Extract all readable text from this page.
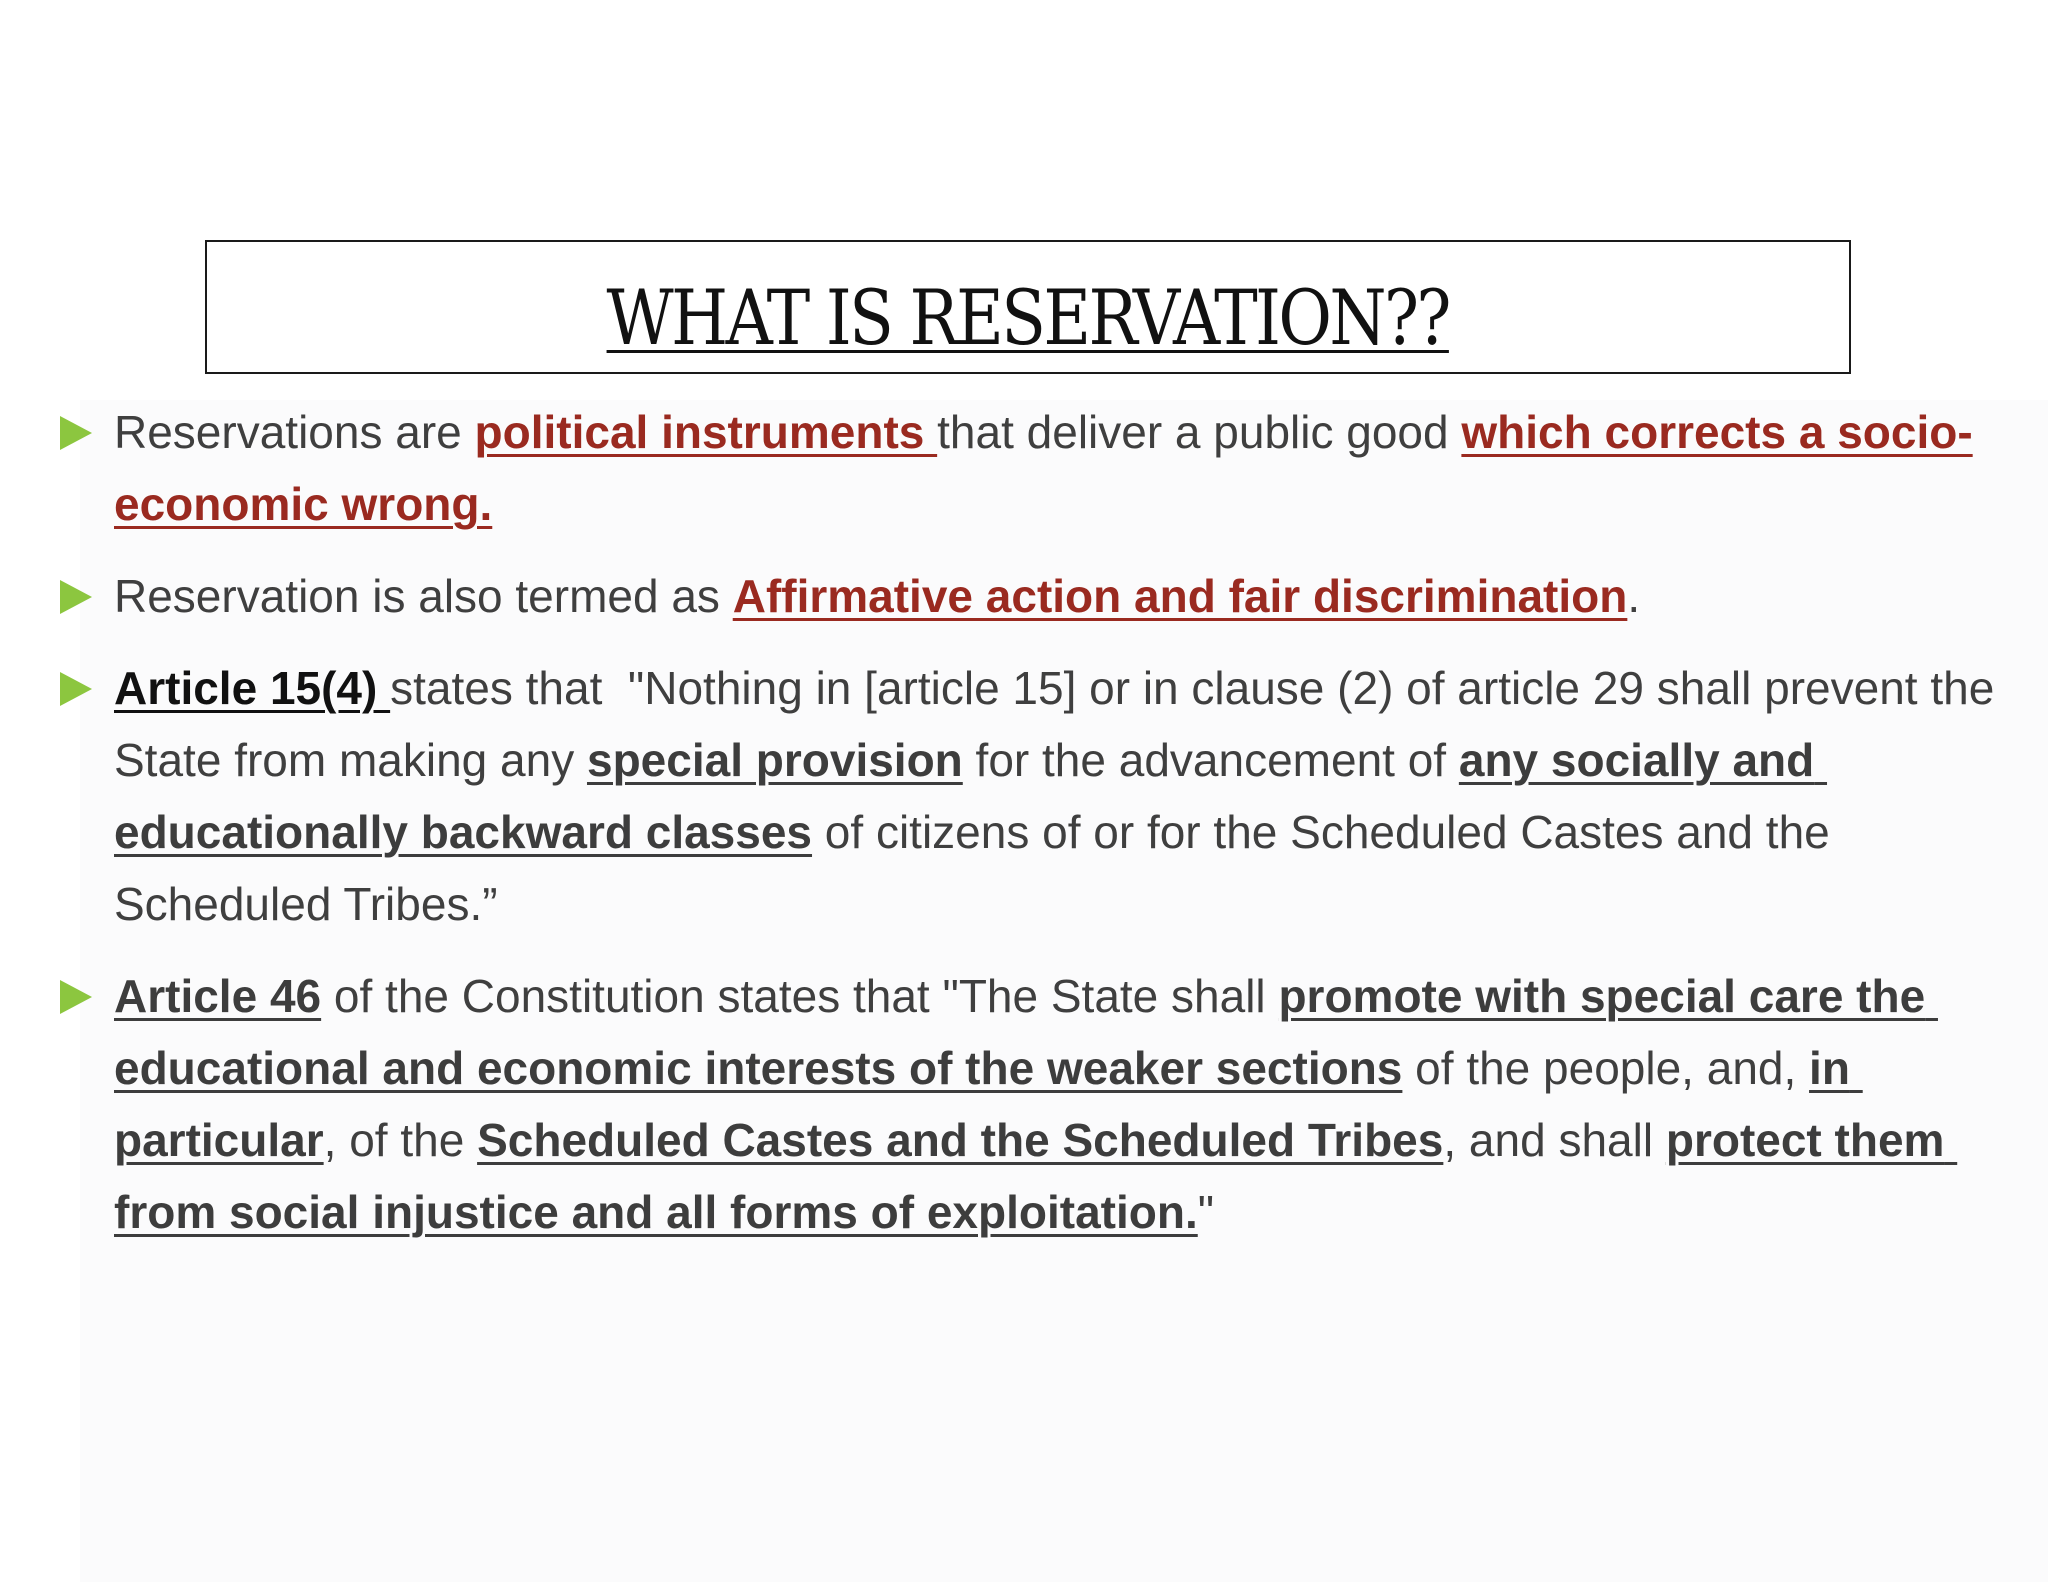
WHAT IS RESERVATION??
Reservations are political instruments that deliver a public good which corrects a socio-economic wrong.
Reservation is also termed as Affirmative action and fair discrimination.
Article 15(4) states that  "Nothing in [article 15] or in clause (2) of article 29 shall prevent the State from making any special provision for the advancement of any socially and educationally backward classes of citizens of or for the Scheduled Castes and the Scheduled Tribes.”
Article 46 of the Constitution states that "The State shall promote with special care the educational and economic interests of the weaker sections of the people, and, in particular, of the Scheduled Castes and the Scheduled Tribes, and shall protect them from social injustice and all forms of exploitation."
